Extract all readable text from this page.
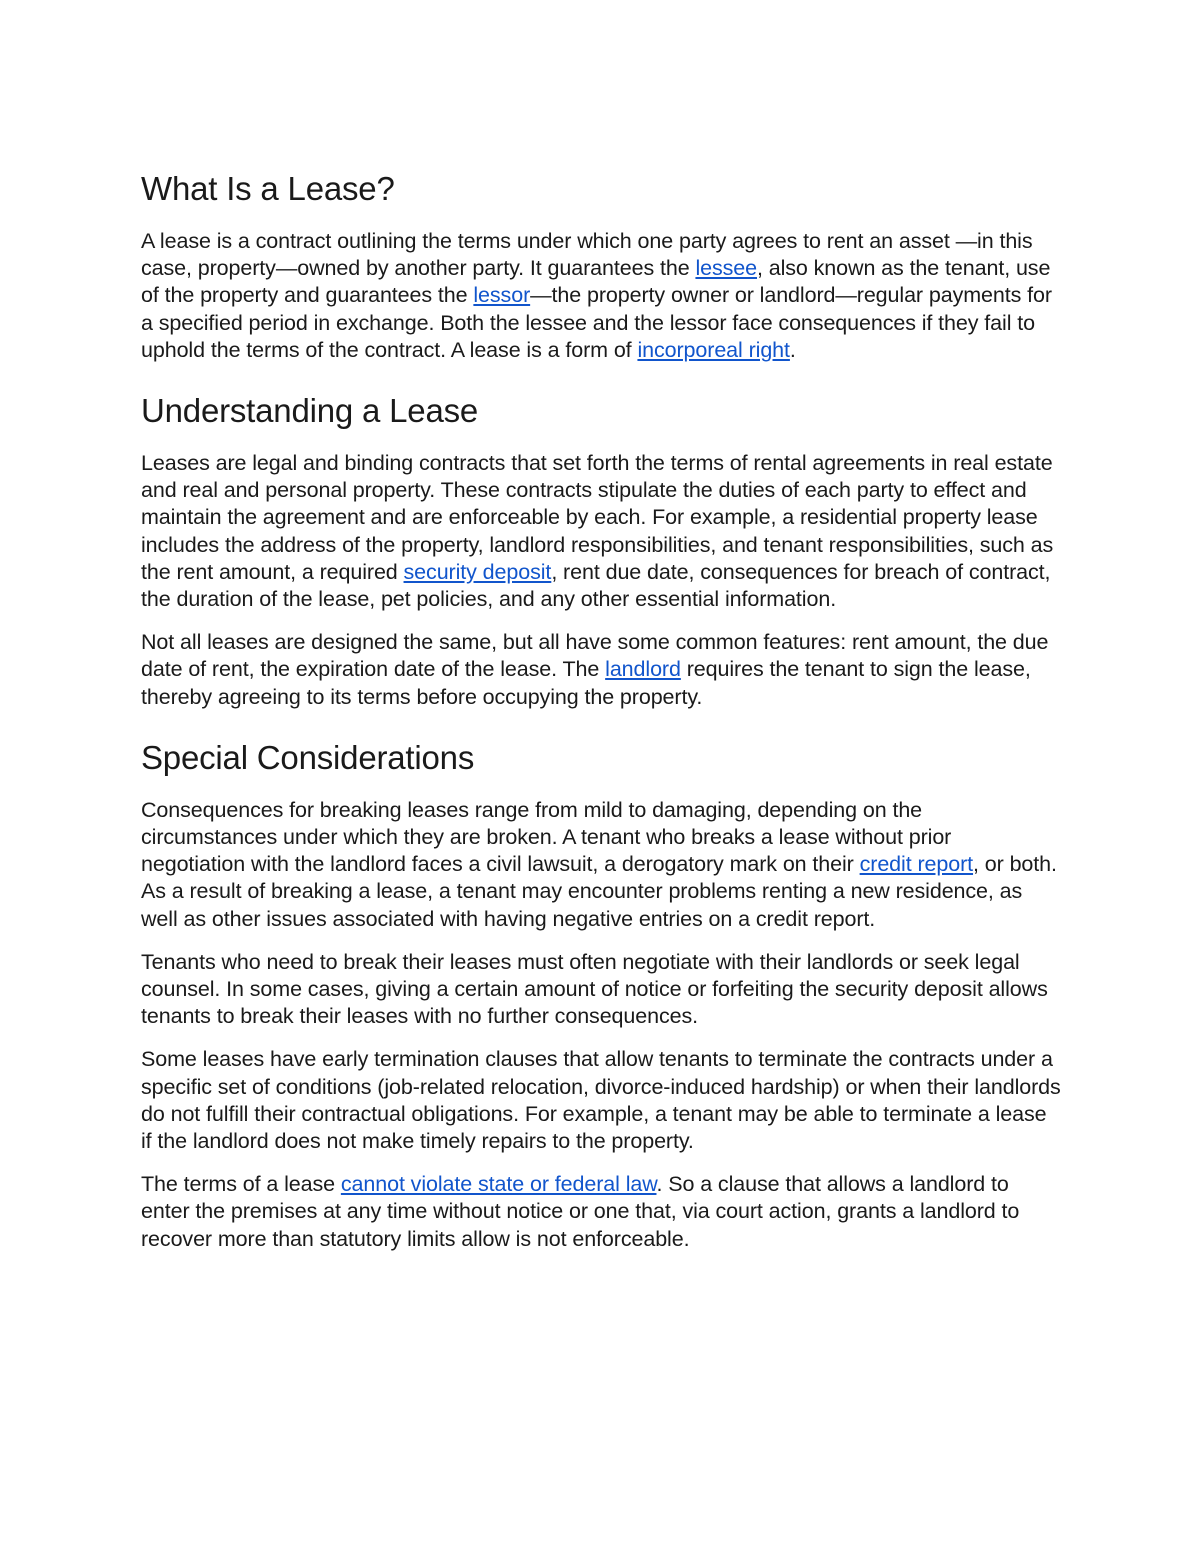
What Is a Lease?

A lease is a contract outlining the terms under which one party agrees to rent an asset —in this case, property—owned by another party. It guarantees the lessee, also known as the tenant, use of the property and guarantees the lessor—the property owner or landlord—regular payments for a specified period in exchange. Both the lessee and the lessor face consequences if they fail to uphold the terms of the contract. A lease is a form of incorporeal right.

Understanding a Lease

Leases are legal and binding contracts that set forth the terms of rental agreements in real estate and real and personal property. These contracts stipulate the duties of each party to effect and maintain the agreement and are enforceable by each. For example, a residential property lease includes the address of the property, landlord responsibilities, and tenant responsibilities, such as the rent amount, a required security deposit, rent due date, consequences for breach of contract, the duration of the lease, pet policies, and any other essential information.

Not all leases are designed the same, but all have some common features: rent amount, the due date of rent, the expiration date of the lease. The landlord requires the tenant to sign the lease, thereby agreeing to its terms before occupying the property.

Special Considerations

Consequences for breaking leases range from mild to damaging, depending on the circumstances under which they are broken. A tenant who breaks a lease without prior negotiation with the landlord faces a civil lawsuit, a derogatory mark on their credit report, or both. As a result of breaking a lease, a tenant may encounter problems renting a new residence, as well as other issues associated with having negative entries on a credit report.

Tenants who need to break their leases must often negotiate with their landlords or seek legal counsel. In some cases, giving a certain amount of notice or forfeiting the security deposit allows tenants to break their leases with no further consequences.

Some leases have early termination clauses that allow tenants to terminate the contracts under a specific set of conditions (job-related relocation, divorce-induced hardship) or when their landlords do not fulfill their contractual obligations. For example, a tenant may be able to terminate a lease if the landlord does not make timely repairs to the property.

The terms of a lease cannot violate state or federal law. So a clause that allows a landlord to enter the premises at any time without notice or one that, via court action, grants a landlord to recover more than statutory limits allow is not enforceable.
